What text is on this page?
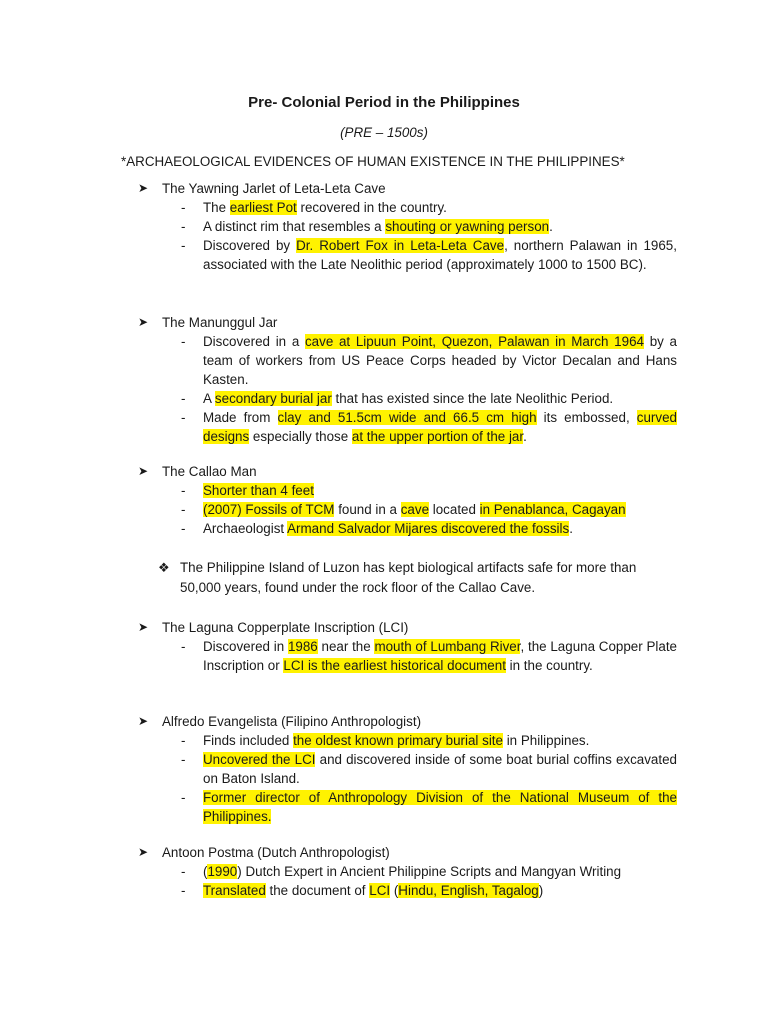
Pre- Colonial Period in the Philippines
(PRE – 1500s)
*ARCHAEOLOGICAL EVIDENCES OF HUMAN EXISTENCE IN THE PHILIPPINES*
➤ The Yawning Jarlet of Leta-Leta Cave
- The earliest Pot recovered in the country.
- A distinct rim that resembles a shouting or yawning person.
- Discovered by Dr. Robert Fox in Leta-Leta Cave, northern Palawan in 1965, associated with the Late Neolithic period (approximately 1000 to 1500 BC).
➤ The Manunggul Jar
- Discovered in a cave at Lipuun Point, Quezon, Palawan in March 1964 by a team of workers from US Peace Corps headed by Victor Decalan and Hans Kasten.
- A secondary burial jar that has existed since the late Neolithic Period.
- Made from clay and 51.5cm wide and 66.5 cm high its embossed, curved designs especially those at the upper portion of the jar.
➤ The Callao Man
- Shorter than 4 feet
- (2007) Fossils of TCM found in a cave located in Penablanca, Cagayan
- Archaeologist Armand Salvador Mijares discovered the fossils.
❖ The Philippine Island of Luzon has kept biological artifacts safe for more than 50,000 years, found under the rock floor of the Callao Cave.
➤ The Laguna Copperplate Inscription (LCI)
- Discovered in 1986 near the mouth of Lumbang River, the Laguna Copper Plate Inscription or LCI is the earliest historical document in the country.
➤ Alfredo Evangelista (Filipino Anthropologist)
- Finds included the oldest known primary burial site in Philippines.
- Uncovered the LCI and discovered inside of some boat burial coffins excavated on Baton Island.
- Former director of Anthropology Division of the National Museum of the Philippines.
➤ Antoon Postma (Dutch Anthropologist)
- (1990) Dutch Expert in Ancient Philippine Scripts and Mangyan Writing
- Translated the document of LCI (Hindu, English, Tagalog)
